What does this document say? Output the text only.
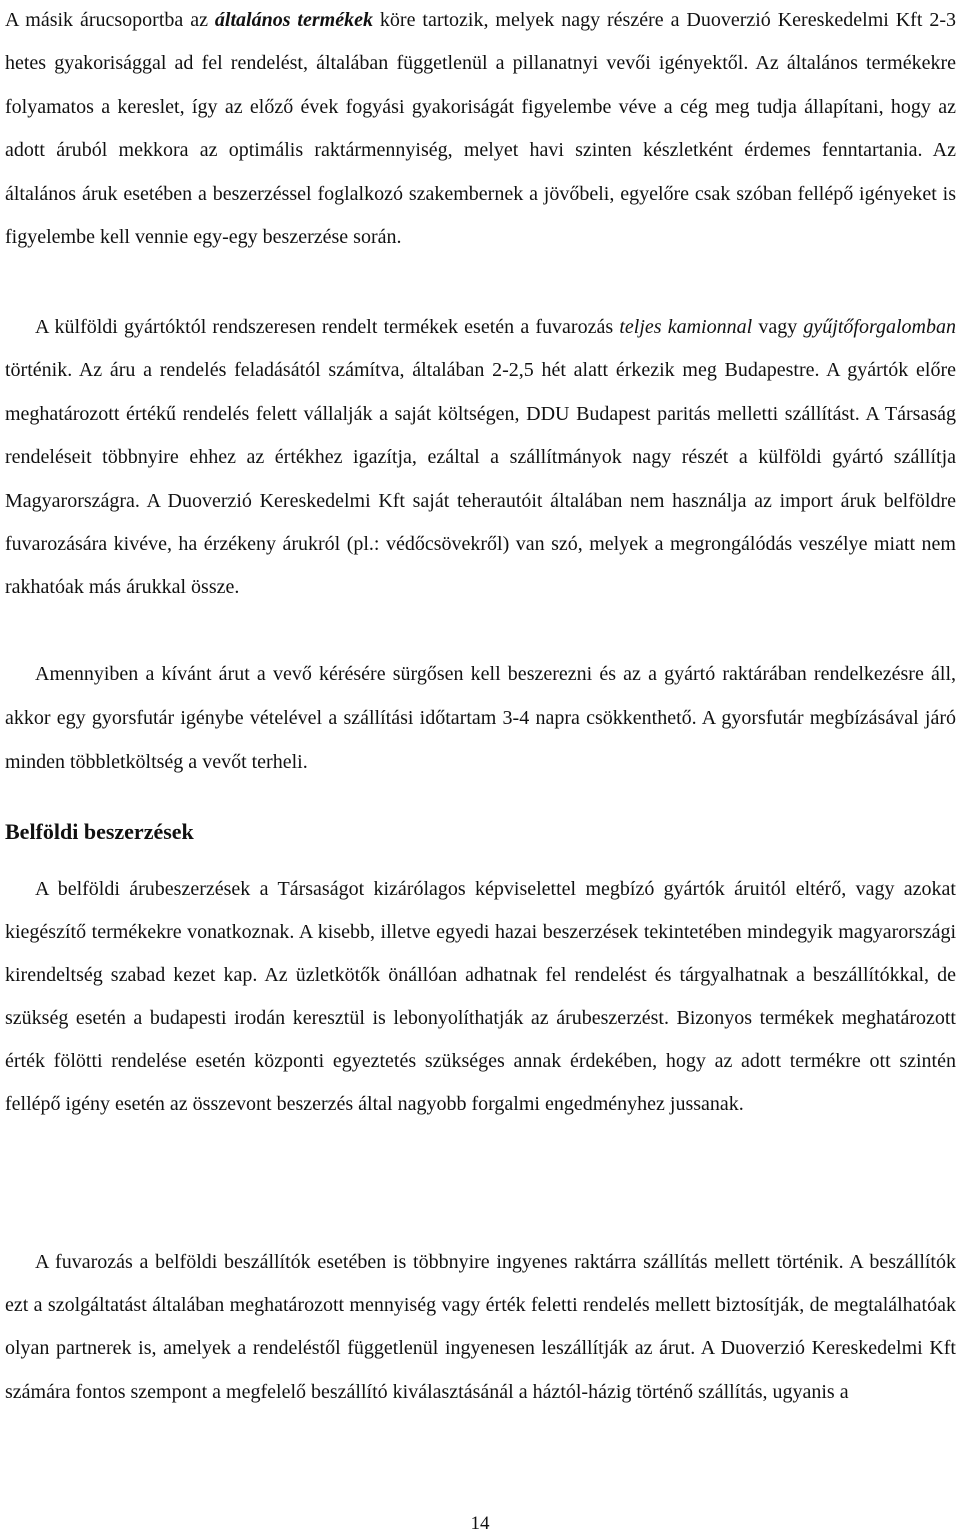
A másik árucsoportba az általános termékek köre tartozik, melyek nagy részére a Duoverzió Kereskedelmi Kft 2-3 hetes gyakorisággal ad fel rendelést, általában függetlenül a pillanatnyi vevői igényektől. Az általános termékekre folyamatos a kereslet, így az előző évek fogyási gyakoriságát figyelembe véve a cég meg tudja állapítani, hogy az adott áruból mekkora az optimális raktármennyiség, melyet havi szinten készletként érdemes fenntartania. Az általános áruk esetében a beszerzéssel foglalkozó szakembernek a jövőbeli, egyelőre csak szóban fellépő igényeket is figyelembe kell vennie egy-egy beszerzése során.

A külföldi gyártóktól rendszeresen rendelt termékek esetén a fuvarozás teljes kamionnal vagy gyűjtőforgalomban történik. Az áru a rendelés feladásától számítva, általában 2-2,5 hét alatt érkezik meg Budapestre. A gyártók előre meghatározott értékű rendelés felett vállalják a saját költségen, DDU Budapest paritás melletti szállítást. A Társaság rendeléseit többnyire ehhez az értékhez igazítja, ezáltal a szállítmányok nagy részét a külföldi gyártó szállítja Magyarországra. A Duoverzió Kereskedelmi Kft saját teherautóit általában nem használja az import áruk belföldre fuvarozására kivéve, ha érzékeny árukról (pl.: védőcsövekről) van szó, melyek a megrongálódás veszélye miatt nem rakhatóak más árukkal össze.

Amennyiben a kívánt árut a vevő kérésére sürgősen kell beszerezni és az a gyártó raktárában rendelkezésre áll, akkor egy gyorsfutár igénybe vételével a szállítási időtartam 3-4 napra csökkenthető. A gyorsfutár megbízásával járó minden többletköltség a vevőt terheli.

Belföldi beszerzések

A belföldi árubeszerzések a Társaságot kizárólagos képviselettel megbízó gyártók áruitól eltérő, vagy azokat kiegészítő termékekre vonatkoznak. A kisebb, illetve egyedi hazai beszerzések tekintetében mindegyik magyarországi kirendeltség szabad kezet kap. Az üzletkötők önállóan adhatnak fel rendelést és tárgyalhatnak a beszállítókkal, de szükség esetén a budapesti irodán keresztül is lebonyolíthatják az árubeszerzést. Bizonyos termékek meghatározott érték fölötti rendelése esetén központi egyeztetés szükséges annak érdekében, hogy az adott termékre ott szintén fellépő igény esetén az összevont beszerzés által nagyobb forgalmi engedményhez jussanak.

A fuvarozás a belföldi beszállítók esetében is többnyire ingyenes raktárra szállítás mellett történik. A beszállítók ezt a szolgáltatást általában meghatározott mennyiség vagy érték feletti rendelés mellett biztosítják, de megtalálhatóak olyan partnerek is, amelyek a rendeléstől függetlenül ingyenesen leszállítják az árut. A Duoverzió Kereskedelmi Kft számára fontos szempont a megfelelő beszállító kiválasztásánál a háztól-házig történő szállítás, ugyanis a

14
